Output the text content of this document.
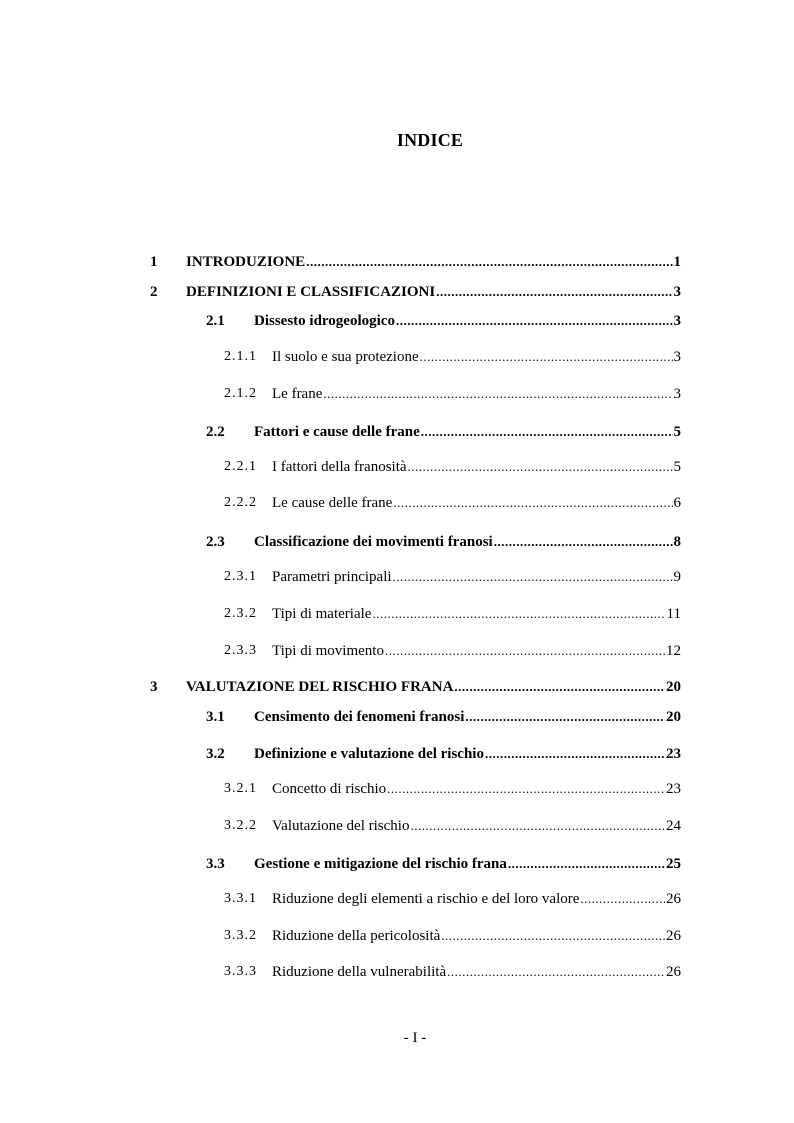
INDICE
1 INTRODUZIONE .....	1
2 DEFINIZIONI E CLASSIFICAZIONI .....	3
2.1 Dissesto idrogeologico .....	3
2.1.1 Il suolo e sua protezione .....	3
2.1.2 Le frane .....	3
2.2 Fattori e cause delle frane .....	5
2.2.1 I fattori della franosità .....	5
2.2.2 Le cause delle frane .....	6
2.3 Classificazione dei movimenti franosi .....	8
2.3.1 Parametri principali .....	9
2.3.2 Tipi di materiale .....	11
2.3.3 Tipi di movimento .....	12
3 VALUTAZIONE DEL RISCHIO FRANA .....	20
3.1 Censimento dei fenomeni franosi .....	20
3.2 Definizione e valutazione del rischio .....	23
3.2.1 Concetto di rischio .....	23
3.2.2 Valutazione del rischio .....	24
3.3 Gestione e mitigazione del rischio frana .....	25
3.3.1 Riduzione degli elementi a rischio e del loro valore .....	26
3.3.2 Riduzione della pericolosità .....	26
3.3.3 Riduzione della vulnerabilità .....	26
- I -
